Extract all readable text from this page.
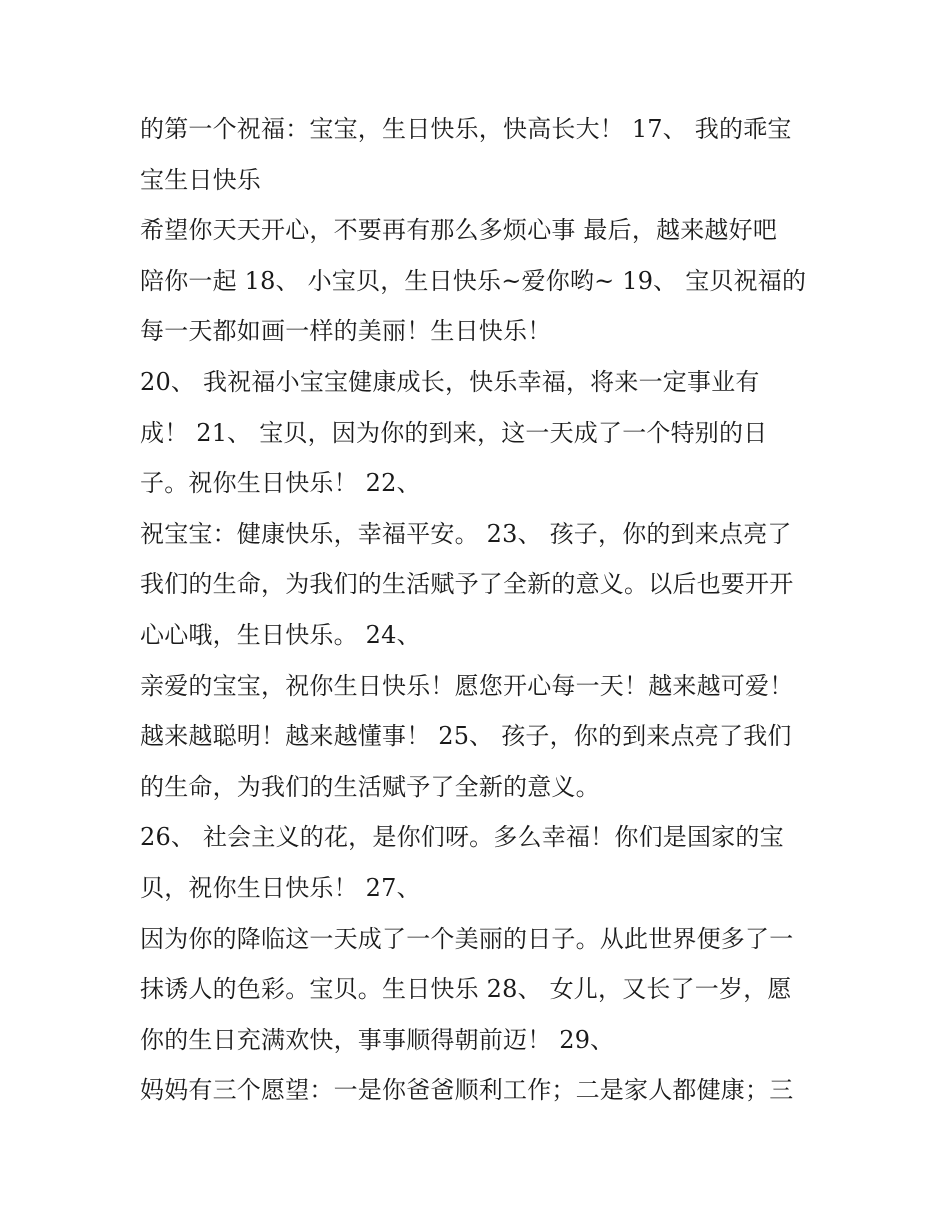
的第一个祝福：宝宝，生日快乐，快高长大！ 17、 我的乖宝
宝生日快乐
希望你天天开心，不要再有那么多烦心事 最后，越来越好吧
陪你一起 18、 小宝贝，生日快乐~爱你哟~ 19、 宝贝祝福的
每一天都如画一样的美丽！生日快乐！
20、 我祝福小宝宝健康成长，快乐幸福，将来一定事业有
成！ 21、 宝贝，因为你的到来，这一天成了一个特别的日
子。祝你生日快乐！ 22、
祝宝宝：健康快乐，幸福平安。 23、 孩子，你的到来点亮了
我们的生命，为我们的生活赋予了全新的意义。以后也要开开
心心哦，生日快乐。 24、
亲爱的宝宝，祝你生日快乐！愿您开心每一天！越来越可爱！
越来越聪明！越来越懂事！ 25、 孩子，你的到来点亮了我们
的生命，为我们的生活赋予了全新的意义。
26、 社会主义的花，是你们呀。多么幸福！你们是国家的宝
贝，祝你生日快乐！ 27、
因为你的降临这一天成了一个美丽的日子。从此世界便多了一
抹诱人的色彩。宝贝。生日快乐 28、 女儿，又长了一岁，愿
你的生日充满欢快，事事顺得朝前迈！ 29、
妈妈有三个愿望：一是你爸爸顺利工作；二是家人都健康；三
